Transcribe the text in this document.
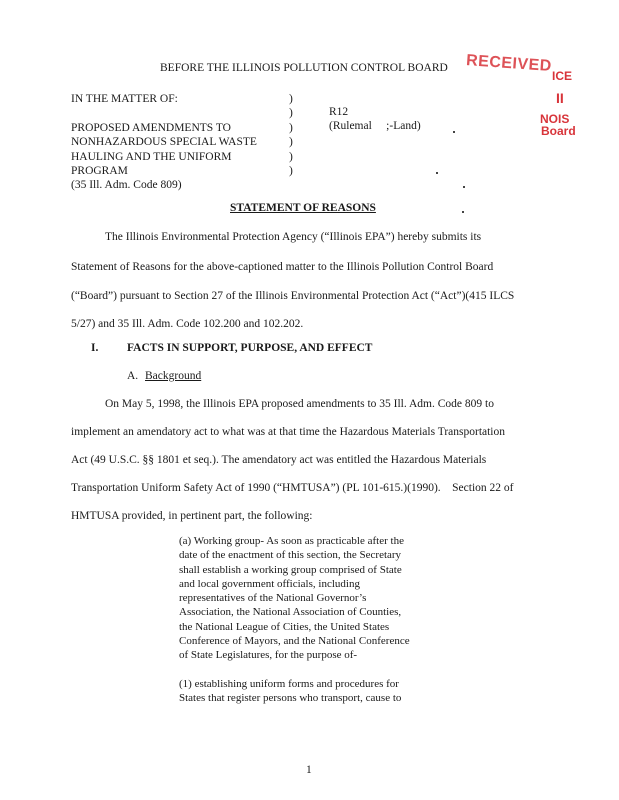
RECEIVED
ICE
II
NOIS
Board
BEFORE THE ILLINOIS POLLUTION CONTROL BOARD
IN THE MATTER OF:
PROPOSED AMENDMENTS TO
NONHAZARDOUS SPECIAL WASTE
HAULING AND THE UNIFORM
PROGRAM
(35 Ill. Adm. Code 809)
)
)
)
)
)
)
R12
(Rulemal     ;-Land)
STATEMENT OF REASONS
The Illinois Environmental Protection Agency (“Illinois EPA”) hereby submits its
Statement of Reasons for the above-captioned matter to the Illinois Pollution Control Board
(“Board”) pursuant to Section 27 of the Illinois Environmental Protection Act (“Act”)(415 ILCS
5/27) and 35 Ill. Adm. Code 102.200 and 102.202.
I. FACTS IN SUPPORT, PURPOSE, AND EFFECT
A. Background
On May 5, 1998, the Illinois EPA proposed amendments to 35 Ill. Adm. Code 809 to
implement an amendatory act to what was at that time the Hazardous Materials Transportation
Act (49 U.S.C. §§ 1801 et seq.). The amendatory act was entitled the Hazardous Materials
Transportation Uniform Safety Act of 1990 (“HMTUSA”) (PL 101-615.)(1990).    Section 22 of
HMTUSA provided, in pertinent part, the following:
(a) Working group- As soon as practicable after the
date of the enactment of this section, the Secretary
shall establish a working group comprised of State
and local government officials, including
representatives of the National Governor’s
Association, the National Association of Counties,
the National League of Cities, the United States
Conference of Mayors, and the National Conference
of State Legislatures, for the purpose of-
(1) establishing uniform forms and procedures for
States that register persons who transport, cause to
1
